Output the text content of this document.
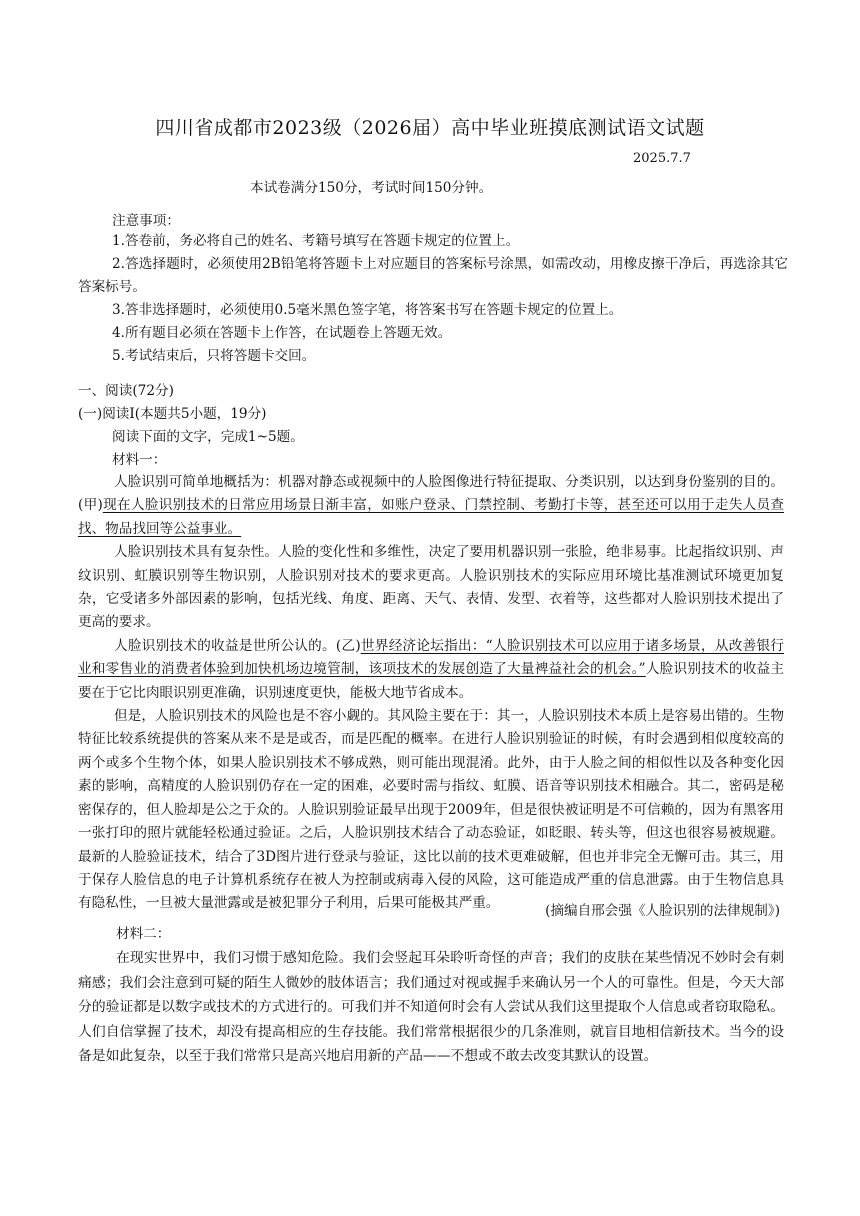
四川省成都市2023级（2026届）高中毕业班摸底测试语文试题
2025.7.7
本试卷满分150分，考试时间150分钟。
注意事项：
1.答卷前，务必将自己的姓名、考籍号填写在答题卡规定的位置上。
2.答选择题时，必须使用2B铅笔将答题卡上对应题目的答案标号涂黑，如需改动，用橡皮擦干净后，再选涂其它答案标号。
3.答非选择题时，必须使用0.5毫米黑色签字笔，将答案书写在答题卡规定的位置上。
4.所有题目必须在答题卡上作答，在试题卷上答题无效。
5.考试结束后，只将答题卡交回。
一、阅读(72分)
(一)阅读Ⅰ(本题共5小题，19分)
阅读下面的文字，完成1~5题。
材料一：

人脸识别可简单地概括为：机器对静态或视频中的人脸图像进行特征提取、分类识别，以达到身份鉴别的目的。(甲)现在人脸识别技术的日常应用场景日渐丰富，如账户登录、门禁控制、考勤打卡等，甚至还可以用于走失人员查找、物品找回等公益事业。

人脸识别技术具有复杂性。人脸的变化性和多维性，决定了要用机器识别一张脸，绝非易事。比起指纹识别、声纹识别、虹膜识别等生物识别，人脸识别对技术的要求更高。人脸识别技术的实际应用环境比基准测试环境更加复杂，它受诸多外部因素的影响，包括光线、角度、距离、天气、表情、发型、衣着等，这些都对人脸识别技术提出了更高的要求。

人脸识别技术的收益是世所公认的。(乙)世界经济论坛指出：“人脸识别技术可以应用于诸多场景，从改善银行业和零售业的消费者体验到加快机场边境管制，该项技术的发展创造了大量裨益社会的机会。”人脸识别技术的收益主要在于它比肉眼识别更准确，识别速度更快，能极大地节省成本。

但是，人脸识别技术的风险也是不容小觑的。其风险主要在于：其一，人脸识别技术本质上是容易出错的。生物特征比较系统提供的答案从来不是是或否，而是匹配的概率。在进行人脸识别验证的时候，有时会遇到相似度较高的两个或多个生物个体，如果人脸识别技术不够成熟，则可能出现混淆。此外，由于人脸之间的相似性以及各种变化因素的影响，高精度的人脸识别仍存在一定的困难，必要时需与指纹、虹膜、语音等识别技术相融合。其二，密码是秘密保存的，但人脸却是公之于众的。人脸识别验证最早出现于2009年，但是很快被证明是不可信赖的，因为有黑客用一张打印的照片就能轻松通过验证。之后，人脸识别技术结合了动态验证，如眨眼、转头等，但这也很容易被规避。最新的人脸验证技术，结合了3D图片进行登录与验证，这比以前的技术更难破解，但也并非完全无懈可击。其三，用于保存人脸信息的电子计算机系统存在被人为控制或病毒入侵的风险，这可能造成严重的信息泄露。由于生物信息具有隐私性，一旦被大量泄露或是被犯罪分子利用，后果可能极其严重。	(摘编自邢会强《人脸识别的法律规制》)
材料二：

在现实世界中，我们习惯于感知危险。我们会竖起耳朵聆听奇怪的声音；我们的皮肤在某些情况不妙时会有刺痛感；我们会注意到可疑的陌生人微妙的肢体语言；我们通过对视或握手来确认另一个人的可靠性。但是，今天大部分的验证都是以数字或技术的方式进行的。可我们并不知道何时会有人尝试从我们这里提取个人信息或者窃取隐私。人们自信掌握了技术，却没有提高相应的生存技能。我们常常根据很少的几条准则，就盲目地相信新技术。当今的设备是如此复杂，以至于我们常常只是高兴地启用新的产品——不想或不敢去改变其默认的设置。
